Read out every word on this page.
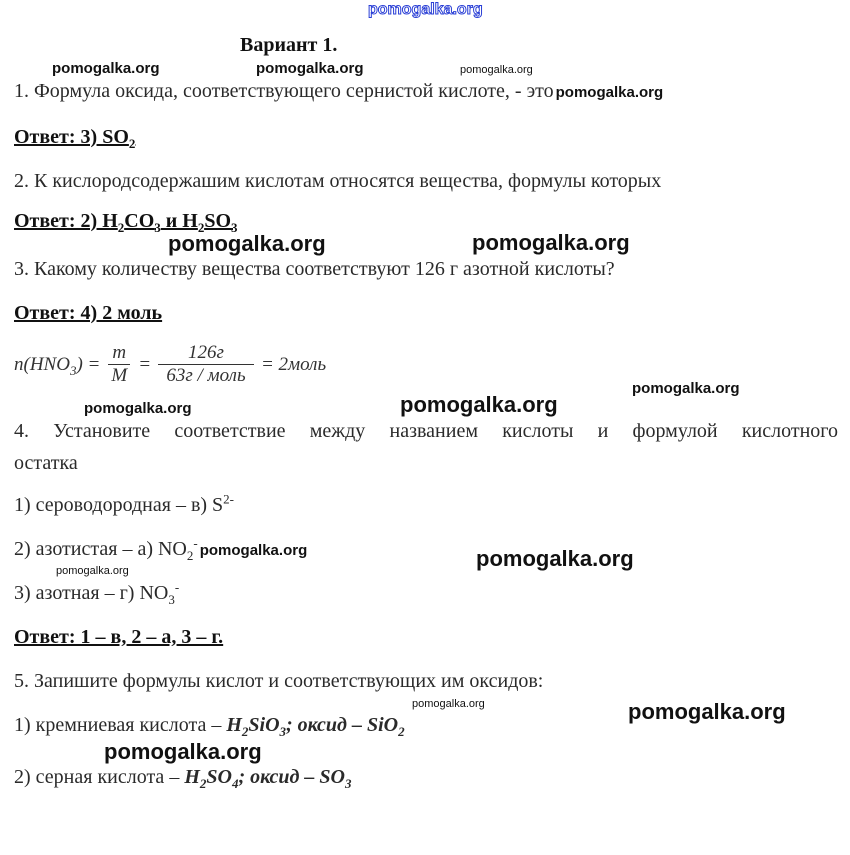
pomogalka.org
Вариант 1.
1. Формула оксида, соответствующего сернистой кислоте, - это pomogalka.org
Ответ: 3) $SO_2$
2. К кислородсодержашим кислотам относятся вещества, формулы которых
Ответ: 2) $H_2CO_3$ и $H_2SO_3$
3. Какому количеству вещества соответствуют 126 г азотной кислоты?
Ответ: 4) 2 моль
$n(HNO_3) = \frac{m}{M} = \frac{126г}{\text{63г / моль}}$ = 2моль
4. Установите соответствие между названием кислоты и формулой кислотного
остатка
1) сероводородная – в) $S^{2-}$
2) азотистая – а) $NO_2^-$ pomogalka.org
3) азотная – г) $NO_3^-$
Ответ: 1 – в, 2 – а, 3 – г.
5. Запишите формулы кислот и соответствующих им оксидов:
1) кремниевая кислота – $H_2SiO_3$; оксид – SiO$_2$
2) серная кислота – $H_2SO_4$; оксид – $SO_3$
pomogalka.org	pomogalka.org	pomogalka.org
pomogalka.org	pomogalka.org
pomogalka.org
pomogalka.org	pomogalka.org
pomogalka.org
pomogalka.org
pomogalka.org	pomogalka.org
pomogalka.org
